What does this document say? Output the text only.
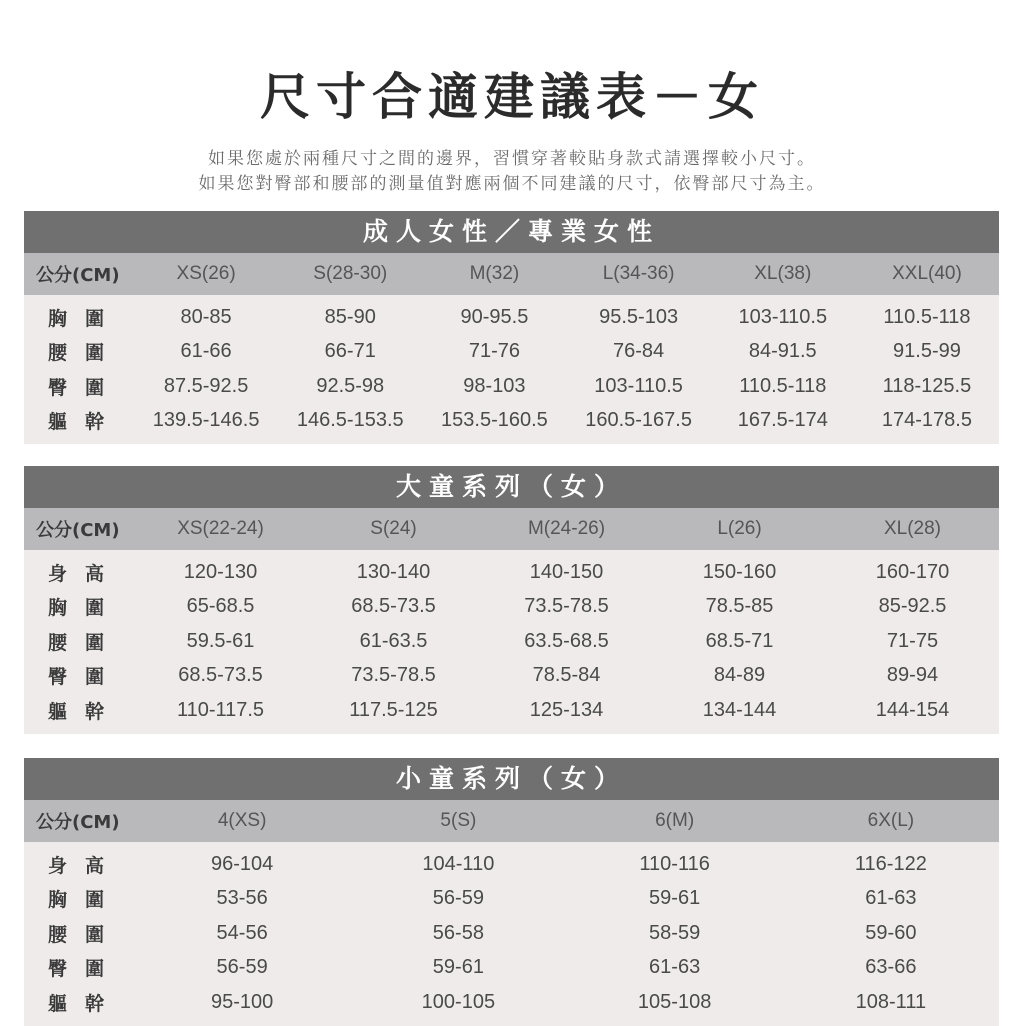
尺寸合適建議表－女
如果您處於兩種尺寸之間的邊界，習慣穿著較貼身款式請選擇較小尺寸。
如果您對臀部和腰部的測量值對應兩個不同建議的尺寸，依臀部尺寸為主。
成人女性／專業女性
公分(CM)	XS(26)	S(28-30)	M(32)	L(34-36)	XL(38)	XXL(40)
胸圍	80-85	85-90	90-95.5	95.5-103	103-110.5	110.5-118
腰圍	61-66	66-71	71-76	76-84	84-91.5	91.5-99
臀圍	87.5-92.5	92.5-98	98-103	103-110.5	110.5-118	118-125.5
軀幹	139.5-146.5	146.5-153.5	153.5-160.5	160.5-167.5	167.5-174	174-178.5
大童系列（女）
公分(CM)	XS(22-24)	S(24)	M(24-26)	L(26)	XL(28)
身高	120-130	130-140	140-150	150-160	160-170
胸圍	65-68.5	68.5-73.5	73.5-78.5	78.5-85	85-92.5
腰圍	59.5-61	61-63.5	63.5-68.5	68.5-71	71-75
臀圍	68.5-73.5	73.5-78.5	78.5-84	84-89	89-94
軀幹	110-117.5	117.5-125	125-134	134-144	144-154
小童系列（女）
公分(CM)	4(XS)	5(S)	6(M)	6X(L)
身高	96-104	104-110	110-116	116-122
胸圍	53-56	56-59	59-61	61-63
腰圍	54-56	56-58	58-59	59-60
臀圍	56-59	59-61	61-63	63-66
軀幹	95-100	100-105	105-108	108-111
